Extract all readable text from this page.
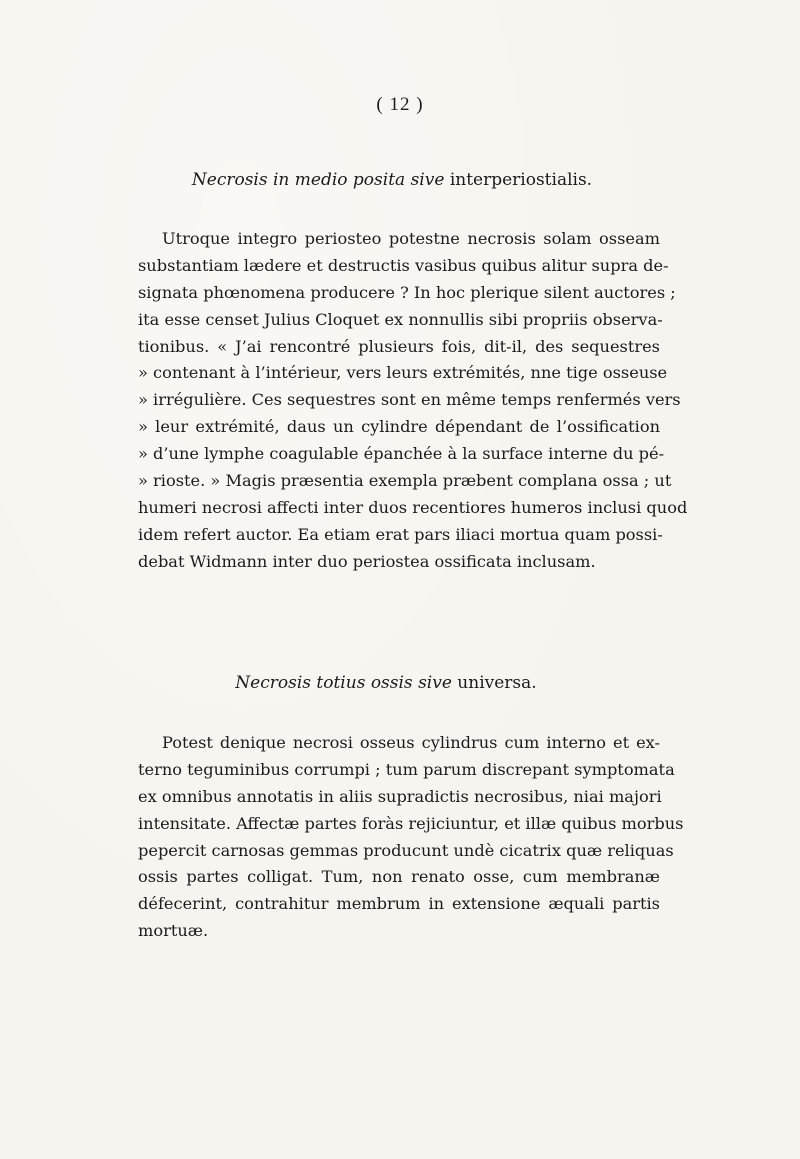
( 12 )
Necrosis in medio posita sive interperiostialis.
Utroque integro periosteo potestne necrosis solam osseam
substantiam lædere et destructis vasibus quibus alitur supra de-
signata phœnomena producere ? In hoc plerique silent auctores ;
ita esse censet Julius Cloquet ex nonnullis sibi propriis observa-
tionibus. « J’ai rencontré plusieurs fois, dit-il, des sequestres
» contenant à l’intérieur, vers leurs extrémités, nne tige osseuse
» irrégulière. Ces sequestres sont en même temps renfermés vers
» leur extrémité, daus un cylindre dépendant de l’ossification
» d’une lymphe coagulable épanchée à la surface interne du pé-
» rioste. » Magis præsentia exempla præbent complana ossa ; ut
humeri necrosi affecti inter duos recentiores humeros inclusi quod
idem refert auctor. Ea etiam erat pars iliaci mortua quam possi-
debat Widmann inter duo periostea ossificata inclusam.
Necrosis totius ossis sive universa.
Potest denique necrosi osseus cylindrus cum interno et ex-
terno teguminibus corrumpi ; tum parum discrepant symptomata
ex omnibus annotatis in aliis supradictis necrosibus, niai majori
intensitate. Affectæ partes foràs rejiciuntur, et illæ quibus morbus
pepercit carnosas gemmas producunt undè cicatrix quæ reliquas
ossis partes colligat. Tum, non renato osse, cum membranæ
défecerint, contrahitur membrum in extensione æquali partis
mortuæ.
